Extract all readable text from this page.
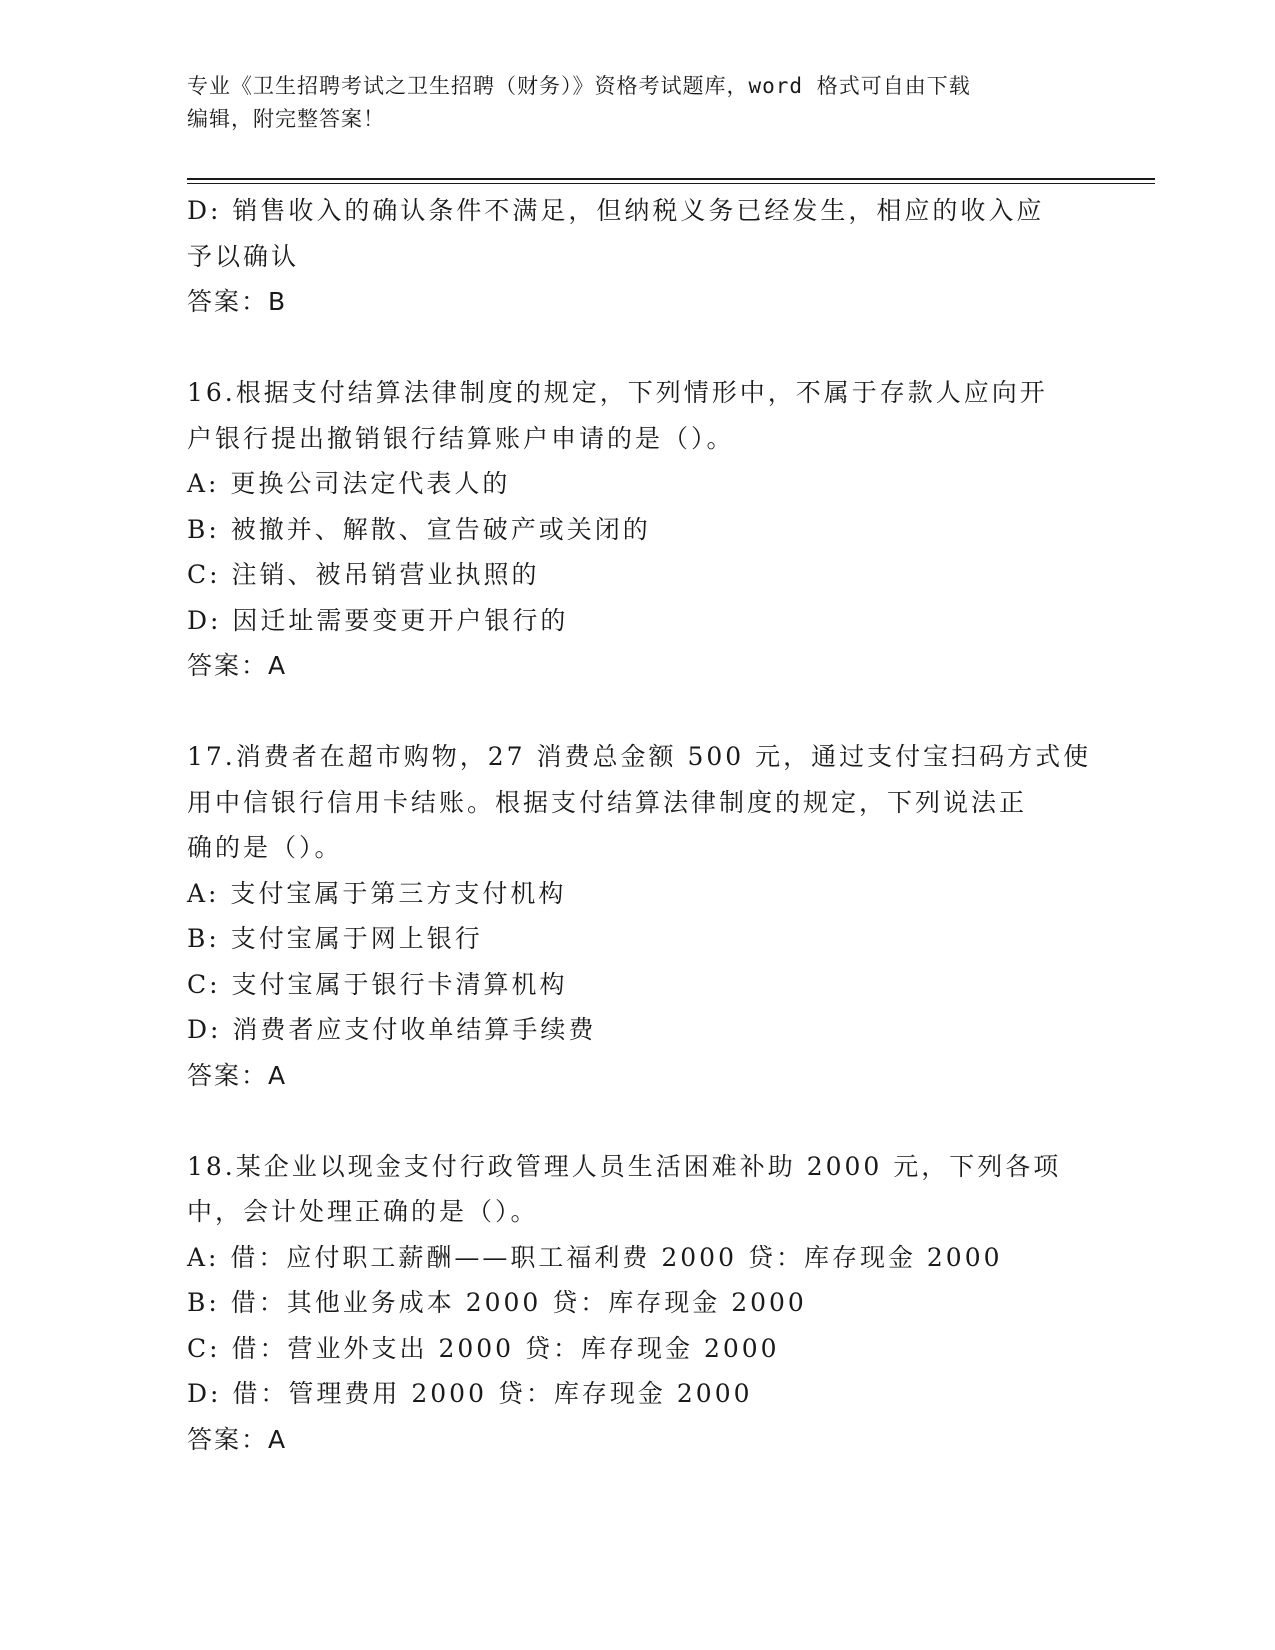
专业《卫生招聘考试之卫生招聘（财务）》资格考试题库，word 格式可自由下载
编辑，附完整答案！
D: 销售收入的确认条件不满足，但纳税义务已经发生，相应的收入应
予以确认
答案：B
16.根据支付结算法律制度的规定，下列情形中，不属于存款人应向开
户银行提出撤销银行结算账户申请的是（）。
A: 更换公司法定代表人的
B: 被撤并、解散、宣告破产或关闭的
C: 注销、被吊销营业执照的
D: 因迁址需要变更开户银行的
答案：A
17.消费者在超市购物，27 消费总金额 500 元，通过支付宝扫码方式使
用中信银行信用卡结账。根据支付结算法律制度的规定，下列说法正
确的是（）。
A: 支付宝属于第三方支付机构
B: 支付宝属于网上银行
C: 支付宝属于银行卡清算机构
D: 消费者应支付收单结算手续费
答案：A
18.某企业以现金支付行政管理人员生活困难补助 2000 元，下列各项
中，会计处理正确的是（）。
A: 借：应付职工薪酬——职工福利费 2000 贷：库存现金 2000
B: 借：其他业务成本 2000 贷：库存现金 2000
C: 借：营业外支出 2000 贷：库存现金 2000
D: 借：管理费用 2000 贷：库存现金 2000
答案：A
